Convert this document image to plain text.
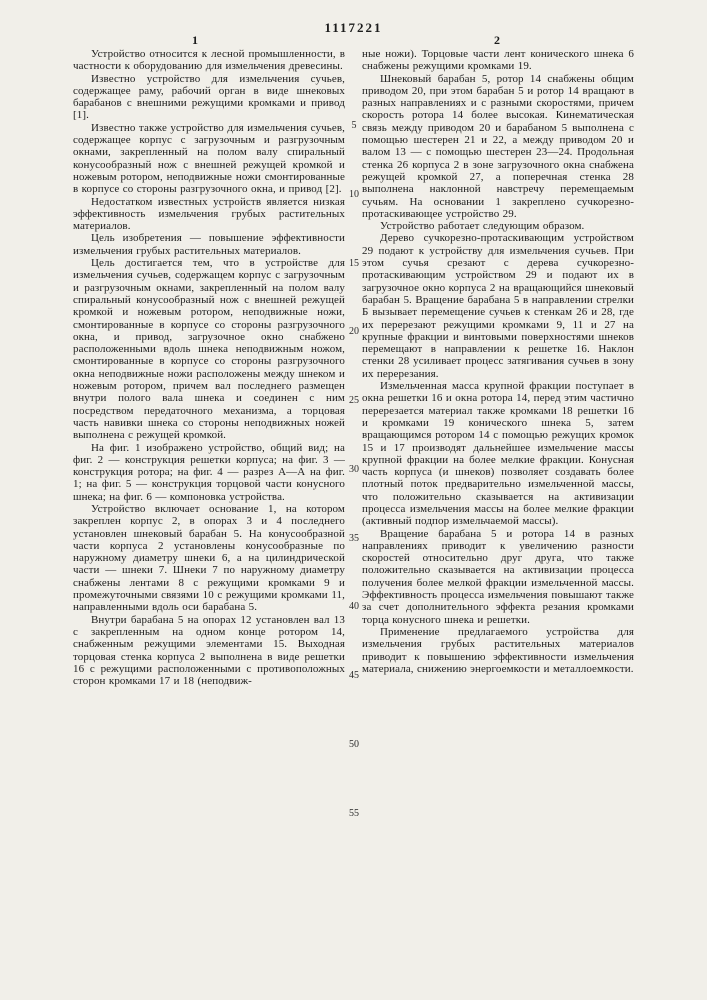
1117221
1	2
5
10
15
20
25
30
35
40
45
50
55

Устройство относится к лесной промышленности, в частности к оборудованию для измельчения древесины.

Известно устройство для измельчения сучьев, содержащее раму, рабочий орган в виде шнековых барабанов с внешними режущими кромками и привод [1].

Известно также устройство для измельчения сучьев, содержащее корпус с загрузочным и разгрузочным окнами, закрепленный на полом валу спиральный конусообразный нож с внешней режущей кромкой и ножевым ротором, неподвижные ножи смонтированные в корпусе со стороны разгрузочного окна, и привод [2].

Недостатком известных устройств является низкая эффективность измельчения грубых растительных материалов.

Цель изобретения — повышение эффективности измельчения грубых растительных материалов.

Цель достигается тем, что в устройстве для измельчения сучьев, содержащем корпус с загрузочным и разгрузочным окнами, закрепленный на полом валу спиральный конусообразный нож с внешней режущей кромкой и ножевым ротором, неподвижные ножи, смонтированные в корпусе со стороны разгрузочного окна, и привод, загрузочное окно снабжено расположенными вдоль шнека неподвижным ножом, смонтированные в корпусе со стороны разгрузочного окна неподвижные ножи расположены между шнеком и ножевым ротором, причем вал последнего размещен внутри полого вала шнека и соединен с ним посредством передаточного механизма, а торцовая часть навивки шнека со стороны неподвижных ножей выполнена с режущей кромкой.

На фиг. 1 изображено устройство, общий вид; на фиг. 2 — конструкция решетки корпуса; на фиг. 3 — конструкция ротора; на фиг. 4 — разрез А—А на фиг. 1; на фиг. 5 — конструкция торцовой части конусного шнека; на фиг. 6 — компоновка устройства.

Устройство включает основание 1, на котором закреплен корпус 2, в опорах 3 и 4 последнего установлен шнековый барабан 5. На конусообразной части корпуса 2 установлены конусообразные по наружному диаметру шнеки 6, а на цилиндрической части — шнеки 7. Шнеки 7 по наружному диаметру снабжены лентами 8 с режущими кромками 9 и промежуточными связями 10 с режущими кромками 11, направленными вдоль оси барабана 5.

Внутри барабана 5 на опорах 12 установлен вал 13 с закрепленным на одном конце ротором 14, снабженным режущими элементами 15. Выходная торцовая стенка корпуса 2 выполнена в виде решетки 16 с режущими расположенными с противоположных сторон кромками 17 и 18 (неподвиж-

ные ножи). Торцовые части лент конического шнека 6 снабжены режущими кромками 19.

Шнековый барабан 5, ротор 14 снабжены общим приводом 20, при этом барабан 5 и ротор 14 вращают в разных направлениях и с разными скоростями, причем скорость ротора 14 более высокая. Кинематическая связь между приводом 20 и барабаном 5 выполнена с помощью шестерен 21 и 22, а между приводом 20 и валом 13 — с помощью шестерен 23—24. Продольная стенка 26 корпуса 2 в зоне загрузочного окна снабжена режущей кромкой 27, а поперечная стенка 28 выполнена наклонной навстречу перемещаемым сучьям. На основании 1 закреплено сучкорезно-протаскивающее устройство 29.

Устройство работает следующим образом.

Дерево сучкорезно-протаскивающим устройством 29 подают к устройству для измельчения сучьев. При этом сучья срезают с дерева сучкорезно-протаскивающим устройством 29 и подают их в загрузочное окно корпуса 2 на вращающийся шнековый барабан 5. Вращение барабана 5 в направлении стрелки Б вызывает перемещение сучьев к стенкам 26 и 28, где их перерезают режущими кромками 9, 11 и 27 на крупные фракции и винтовыми поверхностями шнеков перемещают в направлении к решетке 16. Наклон стенки 28 усиливает процесс затягивания сучьев в зону их перерезания.

Измельченная масса крупной фракции поступает в окна решетки 16 и окна ротора 14, перед этим частично перерезается материал также кромками 18 решетки 16 и кромками 19 конического шнека 5, затем вращающимся ротором 14 с помощью режущих кромок 15 и 17 производят дальнейшее измельчение массы крупной фракции на более мелкие фракции. Конусная часть корпуса (и шнеков) позволяет создавать более плотный поток предварительно измельченной массы, что положительно сказывается на активизации процесса измельчения массы на более мелкие фракции (активный подпор измельчаемой массы).

Вращение барабана 5 и ротора 14 в разных направлениях приводит к увеличению разности скоростей относительно друг друга, что также положительно сказывается на активизации процесса получения более мелкой фракции измельченной массы. Эффективность процесса измельчения повышают также за счет дополнительного эффекта резания кромками торца конусного шнека и решетки.

Применение предлагаемого устройства для измельчения грубых растительных материалов приводит к повышению эффективности измельчения материала, снижению энергоемкости и металлоемкости.
